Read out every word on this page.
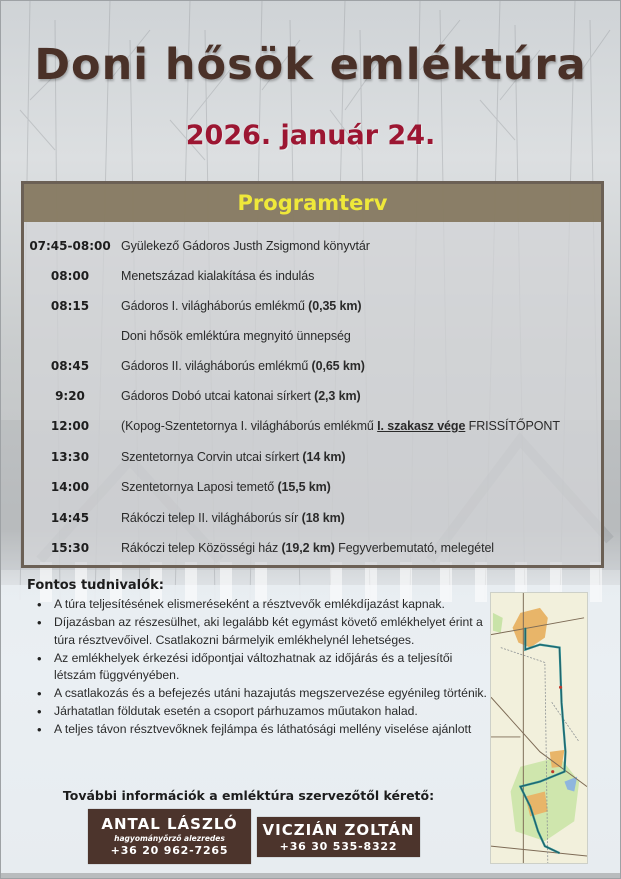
Doni hősök emléktúra
2026. január 24.
Programterv
07:45-08:00 Gyülekező Gádoros Justh Zsigmond könyvtár
08:00	Menetszázad kialakítása és indulás
08:15	Gádoros I. világháborús emlékmű (0,35 km)
Doni hősök emléktúra megnyitó ünnepség
08:45	Gádoros II. világháborús emlékmű (0,65 km)
9:20	Gádoros Dobó utcai katonai sírkert (2,3 km)
12:00	(Kopog-Szentetornya I. világháborús emlékmű I. szakasz vége FRISSÍTŐPONT
13:30	Szentetornya Corvin utcai sírkert (14 km)
14:00	Szentetornya Laposi temető (15,5 km)
14:45	Rákóczi telep II. világháborús sír (18 km)
15:30	Rákóczi telep Közösségi ház (19,2 km) Fegyverbemutató, melegétel
Fontos tudnivalók:
• A túra teljesítésének elismeréseként a résztvevők emlékdíjazást kapnak.
• Díjazásban az részesülhet, aki legalább két egymást követő emlékhelyet érint a túra résztvevőivel. Csatlakozni bármelyik emlékhelynél lehetséges.
• Az emlékhelyek érkezési időpontjai változhatnak az időjárás és a teljesítői létszám függvényében.
• A csatlakozás és a befejezés utáni hazajutás megszervezése egyénileg történik.
• Járhatatlan földutak esetén a csoport párhuzamos műutakon halad.
• A teljes távon résztvevőknek fejlámpa és láthatósági mellény viselése ajánlott
További információk a emléktúra szervezőtől kérető:
ANTAL LÁSZLÓ
hagyományőrző alezredes
+36 20 962-7265
VICZIÁN ZOLTÁN
+36 30 535-8322
